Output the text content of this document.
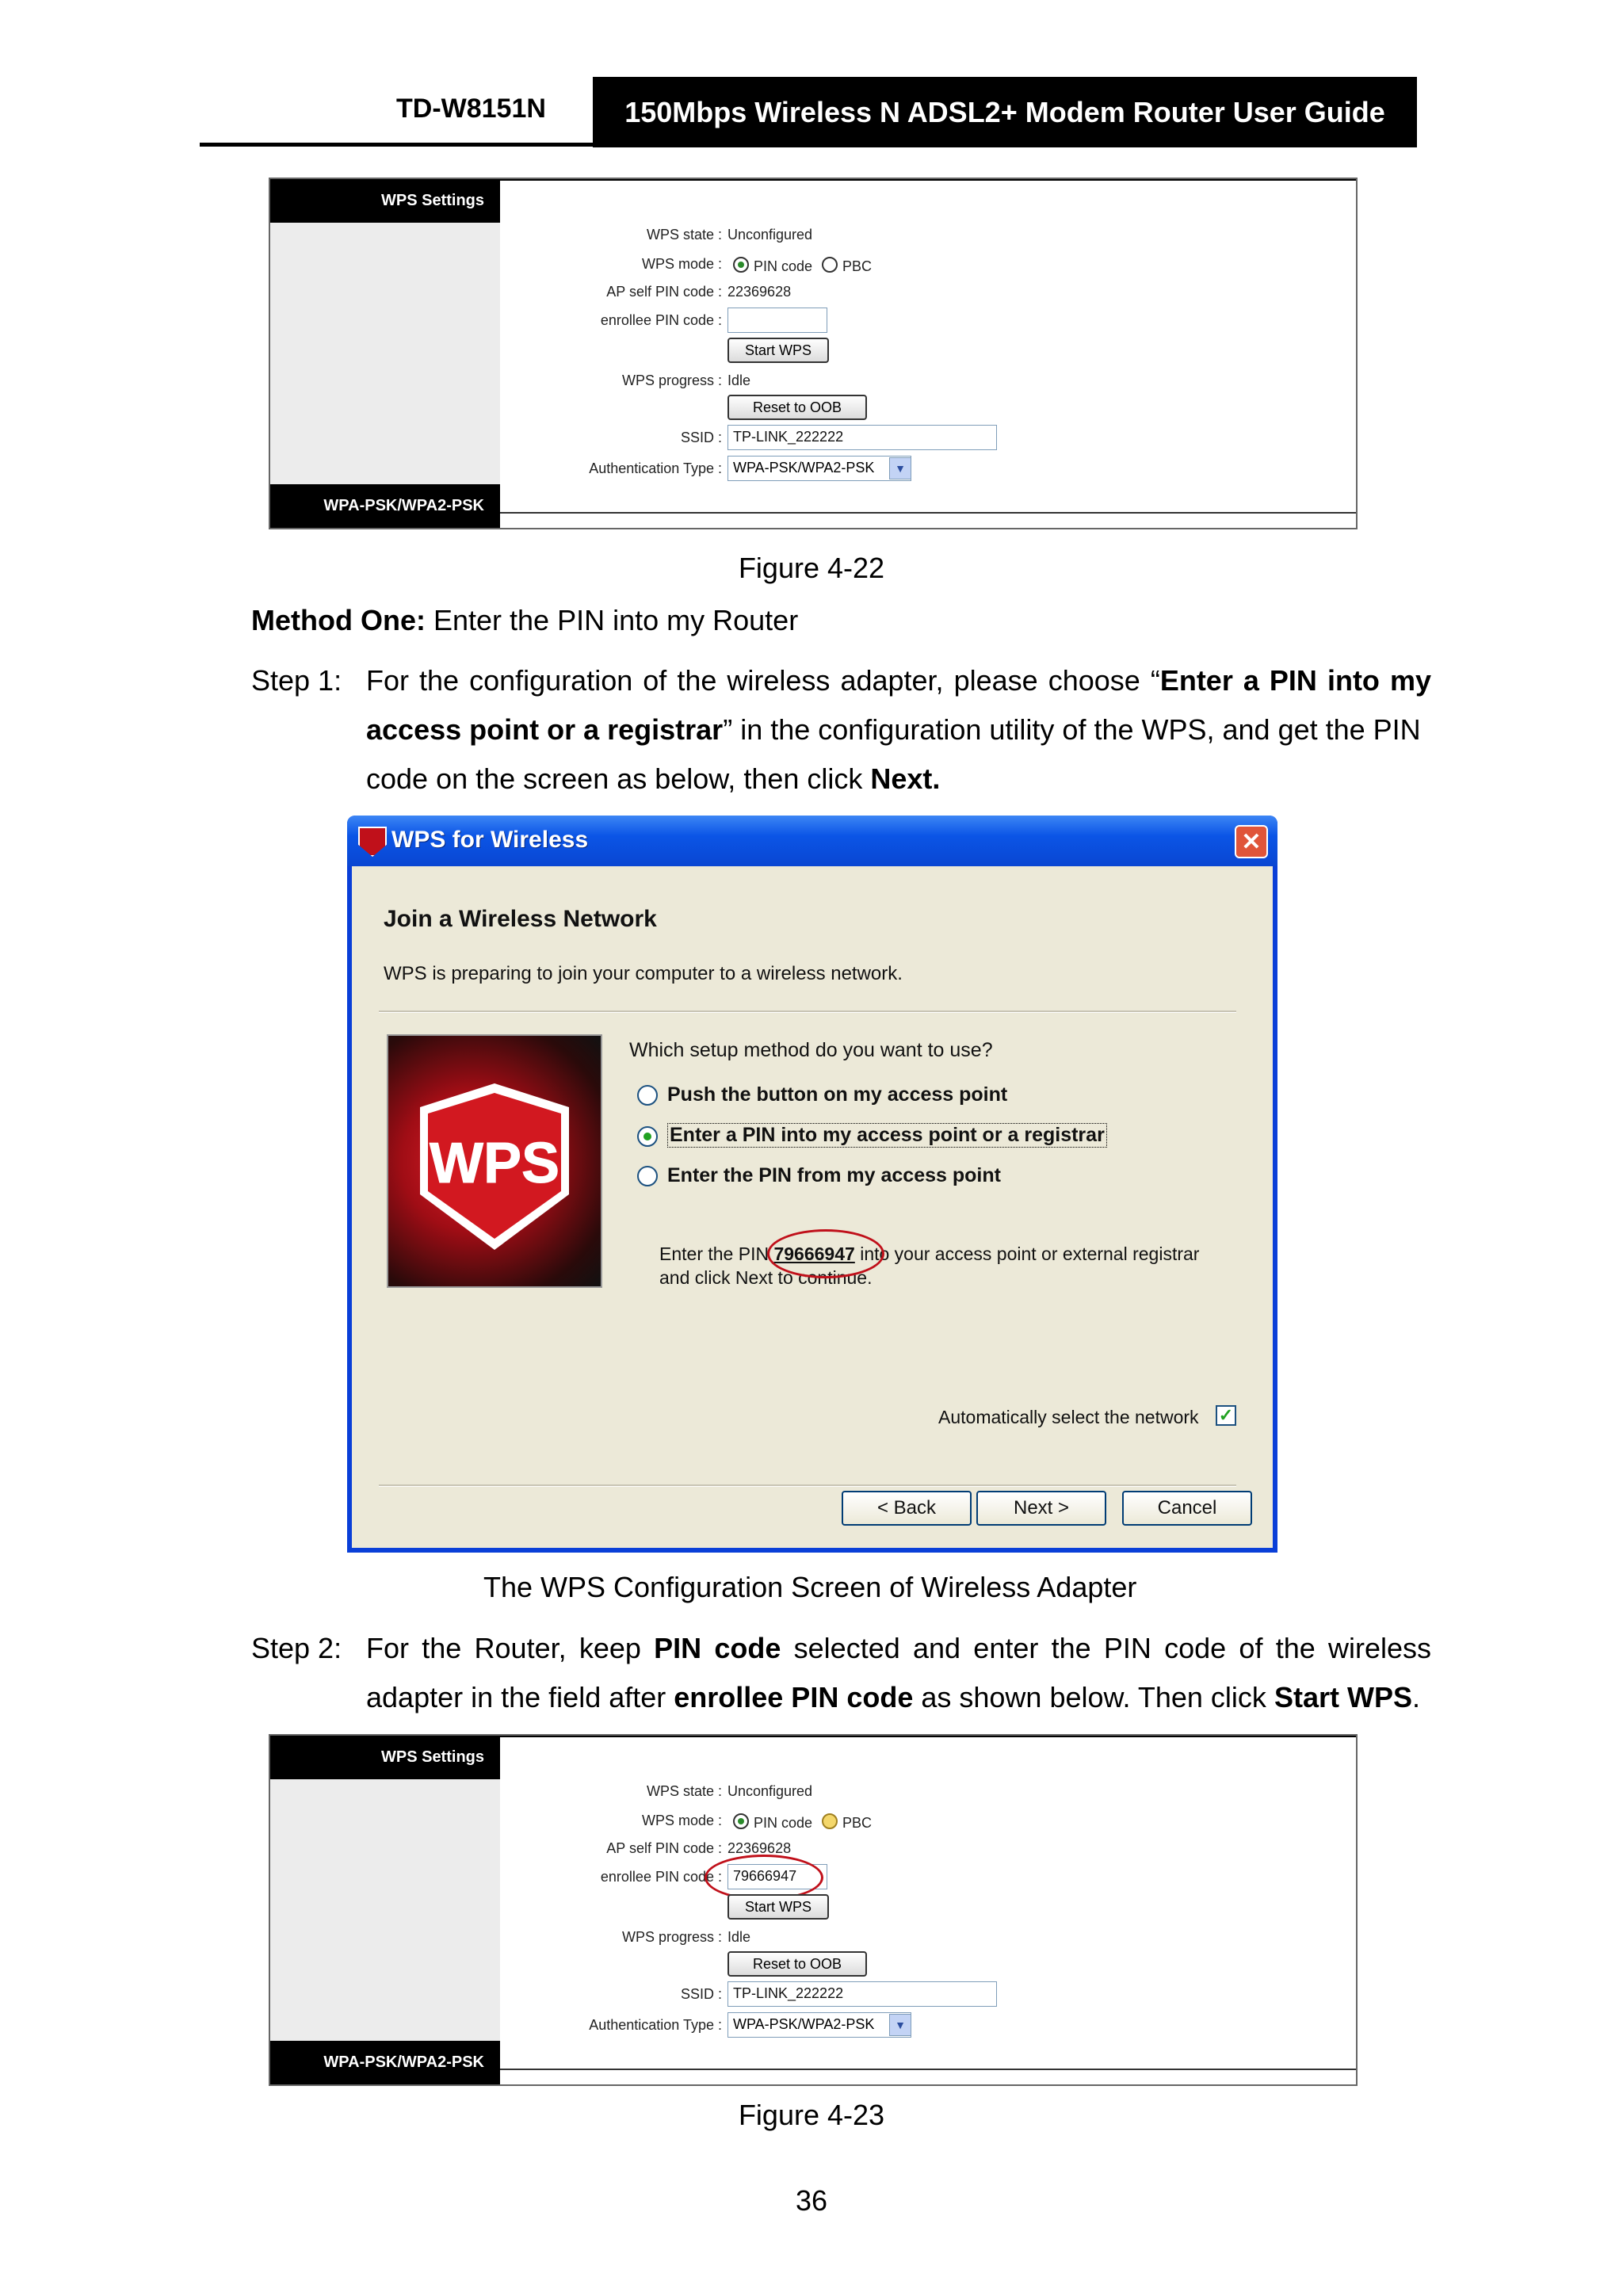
TD-W8151N	150Mbps Wireless N ADSL2+ Modem Router User Guide
WPS Settings
WPA-PSK/WPA2-PSK
WPS state : Unconfigured
WPS mode : PIN code PBC
AP self PIN code : 22369628
enrollee PIN code :
Start WPS
WPS progress : Idle
Reset to OOB
SSID : TP-LINK_222222
Authentication Type : WPA-PSK/WPA2-PSK	▼
Figure 4-22
Method One: Enter the PIN into my Router
Step 1: For the configuration of the wireless adapter, please choose “Enter a PIN into my
access point or a registrar” in the configuration utility of the WPS, and get the PIN
code on the screen as below, then click Next.
WPS for Wireless	✕
Join a Wireless Network
WPS is preparing to join your computer to a wireless network.
WPS
Which setup method do you want to use?
Push the button on my access point
Enter a PIN into my access point or a registrar
Enter the PIN from my access point
Enter the PIN 79666947 into your access point or external registrar
and click Next to continue.
Automatically select the network ✓
< Back	Next >	Cancel
The WPS Configuration Screen of Wireless Adapter
Step 2: For the Router, keep PIN code selected and enter the PIN code of the wireless
adapter in the field after enrollee PIN code as shown below. Then click Start WPS.
WPS Settings
WPA-PSK/WPA2-PSK
WPS state : Unconfigured
WPS mode : PIN code PBC
AP self PIN code : 22369628
enrollee PIN code : 79666947
Start WPS
WPS progress : Idle
Reset to OOB
SSID : TP-LINK_222222
Authentication Type : WPA-PSK/WPA2-PSK	▼
Figure 4-23
36
